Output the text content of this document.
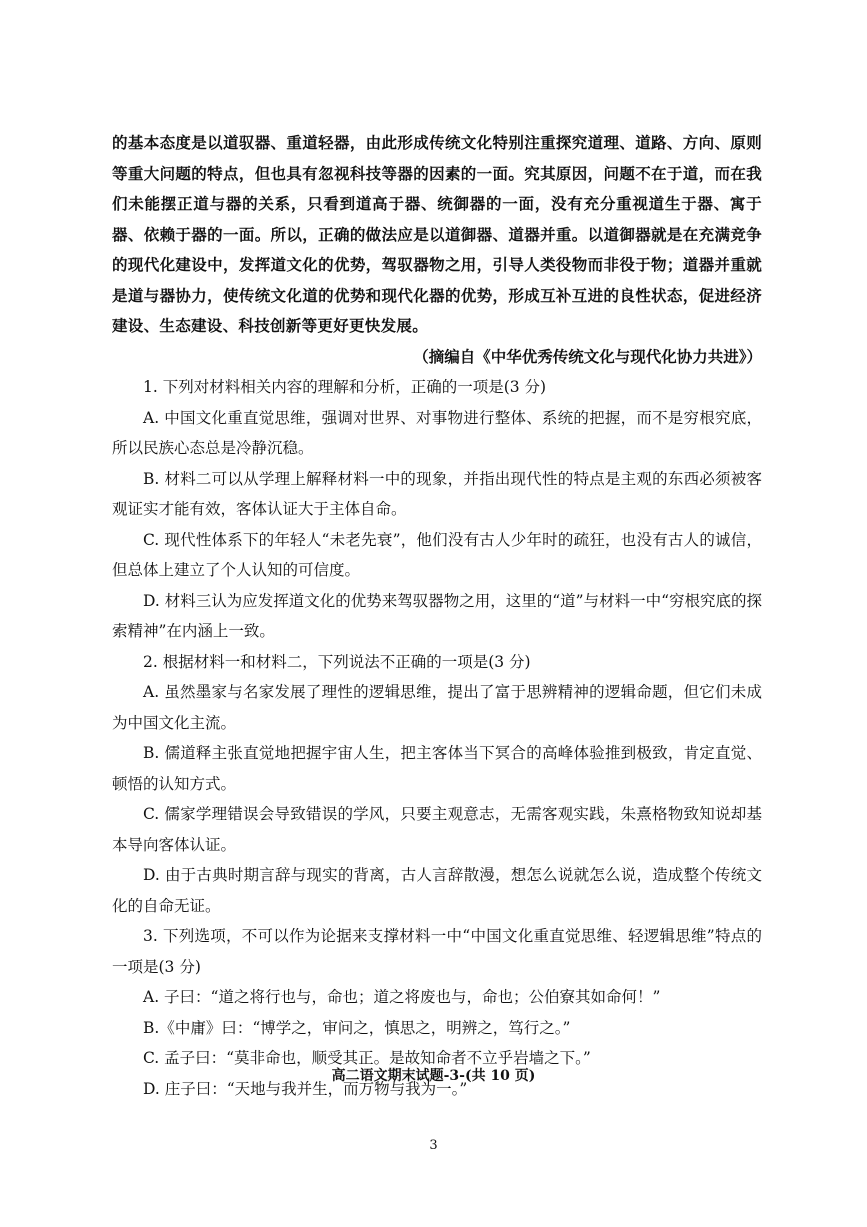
的基本态度是以道驭器、重道轻器，由此形成传统文化特别注重探究道理、道路、方向、原则等重大问题的特点，但也具有忽视科技等器的因素的一面。究其原因，问题不在于道，而在我们未能摆正道与器的关系，只看到道高于器、统御器的一面，没有充分重视道生于器、寓于器、依赖于器的一面。所以，正确的做法应是以道御器、道器并重。以道御器就是在充满竞争的现代化建设中，发挥道文化的优势，驾驭器物之用，引导人类役物而非役于物；道器并重就是道与器协力，使传统文化道的优势和现代化器的优势，形成互补互进的良性状态，促进经济建设、生态建设、科技创新等更好更快发展。

（摘编自《中华优秀传统文化与现代化协力共进》）

1. 下列对材料相关内容的理解和分析，正确的一项是(3 分)

A. 中国文化重直觉思维，强调对世界、对事物进行整体、系统的把握，而不是穷根究底，所以民族心态总是冷静沉稳。

B. 材料二可以从学理上解释材料一中的现象，并指出现代性的特点是主观的东西必须被客观证实才能有效，客体认证大于主体自命。

C. 现代性体系下的年轻人“未老先衰”，他们没有古人少年时的疏狂，也没有古人的诚信，但总体上建立了个人认知的可信度。

D. 材料三认为应发挥道文化的优势来驾驭器物之用，这里的“道”与材料一中“穷根究底的探索精神”在内涵上一致。

2. 根据材料一和材料二，下列说法不正确的一项是(3 分)

A. 虽然墨家与名家发展了理性的逻辑思维，提出了富于思辨精神的逻辑命题，但它们未成为中国文化主流。

B. 儒道释主张直觉地把握宇宙人生，把主客体当下冥合的高峰体验推到极致，肯定直觉、顿悟的认知方式。

C. 儒家学理错误会导致错误的学风，只要主观意志，无需客观实践，朱熹格物致知说却基本导向客体认证。

D. 由于古典时期言辞与现实的背离，古人言辞散漫，想怎么说就怎么说，造成整个传统文化的自命无证。

3. 下列选项，不可以作为论据来支撑材料一中“中国文化重直觉思维、轻逻辑思维”特点的一项是(3 分)

A. 子曰：“道之将行也与，命也；道之将废也与，命也；公伯寮其如命何！”

B.《中庸》曰：“博学之，审问之，慎思之，明辨之，笃行之。”

C. 孟子曰：“莫非命也，顺受其正。是故知命者不立乎岩墙之下。”

D. 庄子曰：“天地与我并生，而万物与我为一。”

高二语文期末试题-3-(共 10 页)
3
